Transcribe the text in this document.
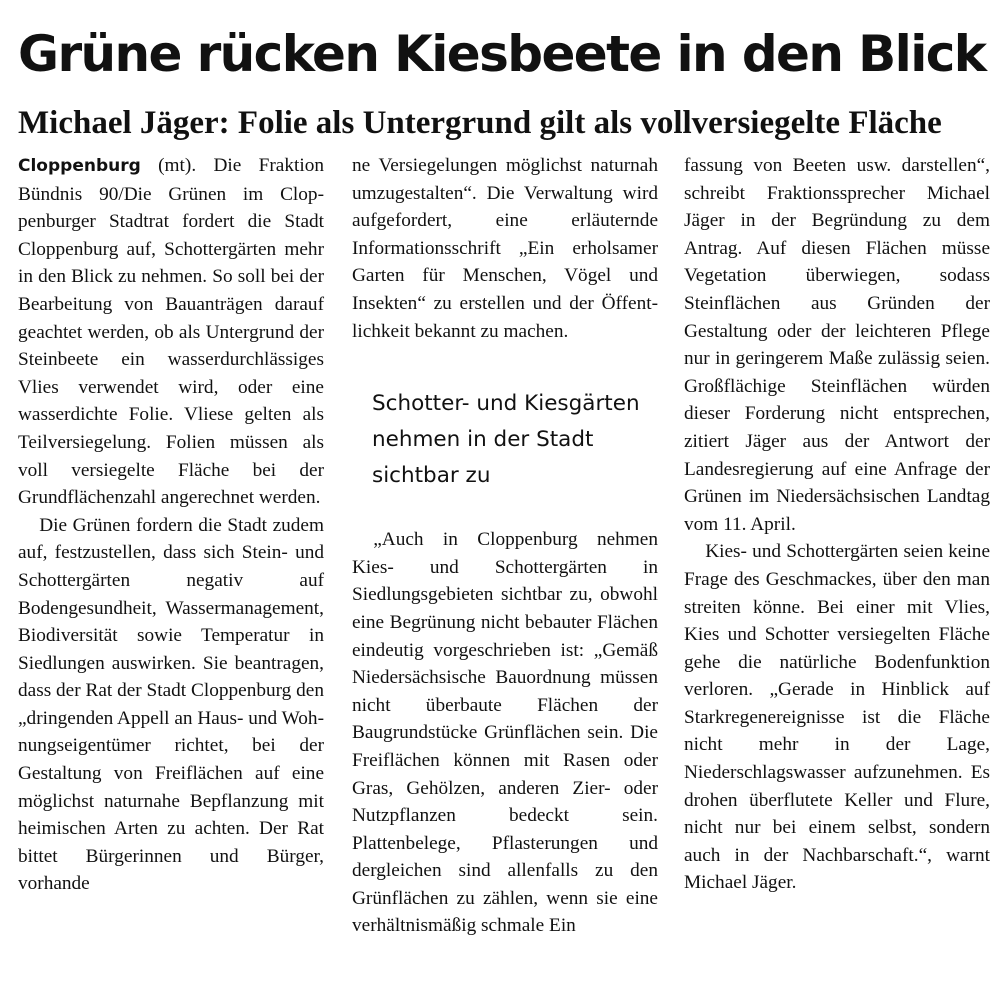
Grüne rücken Kiesbeete in den Blick
Michael Jäger: Folie als Untergrund gilt als vollversiegelte Fläche

Cloppenburg (mt). Die Fraktion Bündnis 90/Die Grünen im Cloppenburger Stadtrat fordert die Stadt Cloppenburg auf, Schottergärten mehr in den Blick zu nehmen. So soll bei der Bearbeitung von Bauanträgen darauf geachtet werden, ob als Untergrund der Steinbeete ein wasserdurchlässiges Vlies verwendet wird, oder eine wasserdichte Folie. Vliese gelten als Teilversiegelung. Folien müssen als voll versiegelte Fläche bei der Grundflächenzahl angerechnet werden.

Die Grünen fordern die Stadt zudem auf, festzustellen, dass sich Stein- und Schottergärten negativ auf Bodengesundheit, Wassermanagement, Biodiversität sowie Temperatur in Siedlungen auswirken. Sie beantragen, dass der Rat der Stadt Cloppenburg den „dringenden Appell an Haus- und Wohnungseigentümer richtet, bei der Gestaltung von Freiflächen auf eine möglichst naturnahe Bepflanzung mit heimischen Arten zu achten. Der Rat bittet Bürgerinnen und Bürger, vorhande

ne Versiegelungen möglichst naturnah umzugestalten“. Die Verwaltung wird aufgefordert, eine erläuternde Informationsschrift „Ein erholsamer Garten für Menschen, Vögel und Insekten“ zu erstellen und der Öffentlichkeit bekannt zu machen.

Schotter- und Kiesgärten nehmen in der Stadt sichtbar zu

„Auch in Cloppenburg nehmen Kies- und Schottergärten in Siedlungsgebieten sichtbar zu, obwohl eine Begrünung nicht bebauter Flächen eindeutig vorgeschrieben ist: „Gemäß Niedersächsische Bauordnung müssen nicht überbaute Flächen der Baugrundstücke Grünflächen sein. Die Freiflächen können mit Rasen oder Gras, Gehölzen, anderen Zier- oder Nutzpflanzen bedeckt sein. Plattenbelege, Pflasterungen und dergleichen sind allenfalls zu den Grünflächen zu zählen, wenn sie eine verhältnismäßig schmale Ein

fassung von Beeten usw. darstellen“, schreibt Fraktionssprecher Michael Jäger in der Begründung zu dem Antrag. Auf diesen Flächen müsse Vegetation überwiegen, sodass Steinflächen aus Gründen der Gestaltung oder der leichteren Pflege nur in geringerem Maße zulässig seien. Großflächige Steinflächen würden dieser Forderung nicht entsprechen, zitiert Jäger aus der Antwort der Landesregierung auf eine Anfrage der Grünen im Niedersächsischen Landtag vom 11. April.

Kies- und Schottergärten seien keine Frage des Geschmackes, über den man streiten könne. Bei einer mit Vlies, Kies und Schotter versiegelten Fläche gehe die natürliche Bodenfunktion verloren. „Gerade in Hinblick auf Starkregenereignisse ist die Fläche nicht mehr in der Lage, Niederschlagswasser aufzunehmen. Es drohen überflutete Keller und Flure, nicht nur bei einem selbst, sondern auch in der Nachbarschaft.“, warnt Michael Jäger.
